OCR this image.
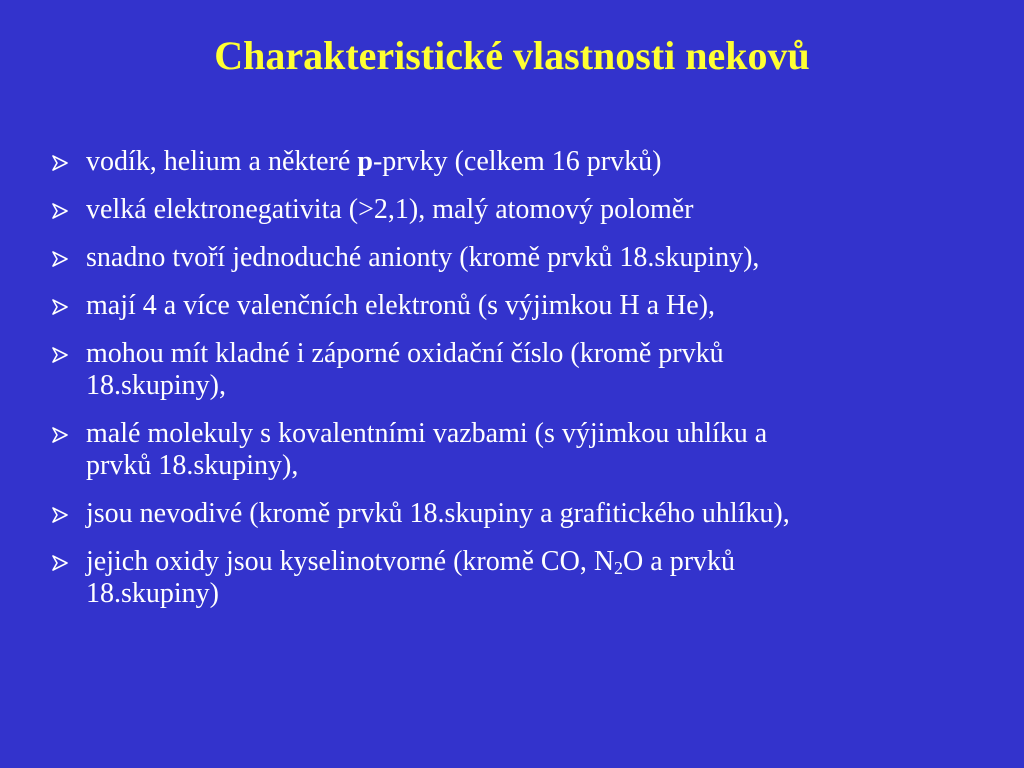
Charakteristické vlastnosti nekovů
vodík, helium a některé p-prvky (celkem 16 prvků)
velká elektronegativita (>2,1), malý atomový poloměr
snadno tvoří jednoduché anionty (kromě prvků 18.skupiny),
mají 4 a více valenčních elektronů (s výjimkou H a He),
mohou mít kladné i záporné oxidační číslo (kromě prvků
18.skupiny),
malé molekuly s kovalentními vazbami (s výjimkou uhlíku a
prvků 18.skupiny),
jsou nevodivé (kromě prvků 18.skupiny a grafitického uhlíku),
jejich oxidy jsou kyselinotvorné (kromě CO, $N_2O$ a prvků
18.skupiny)
